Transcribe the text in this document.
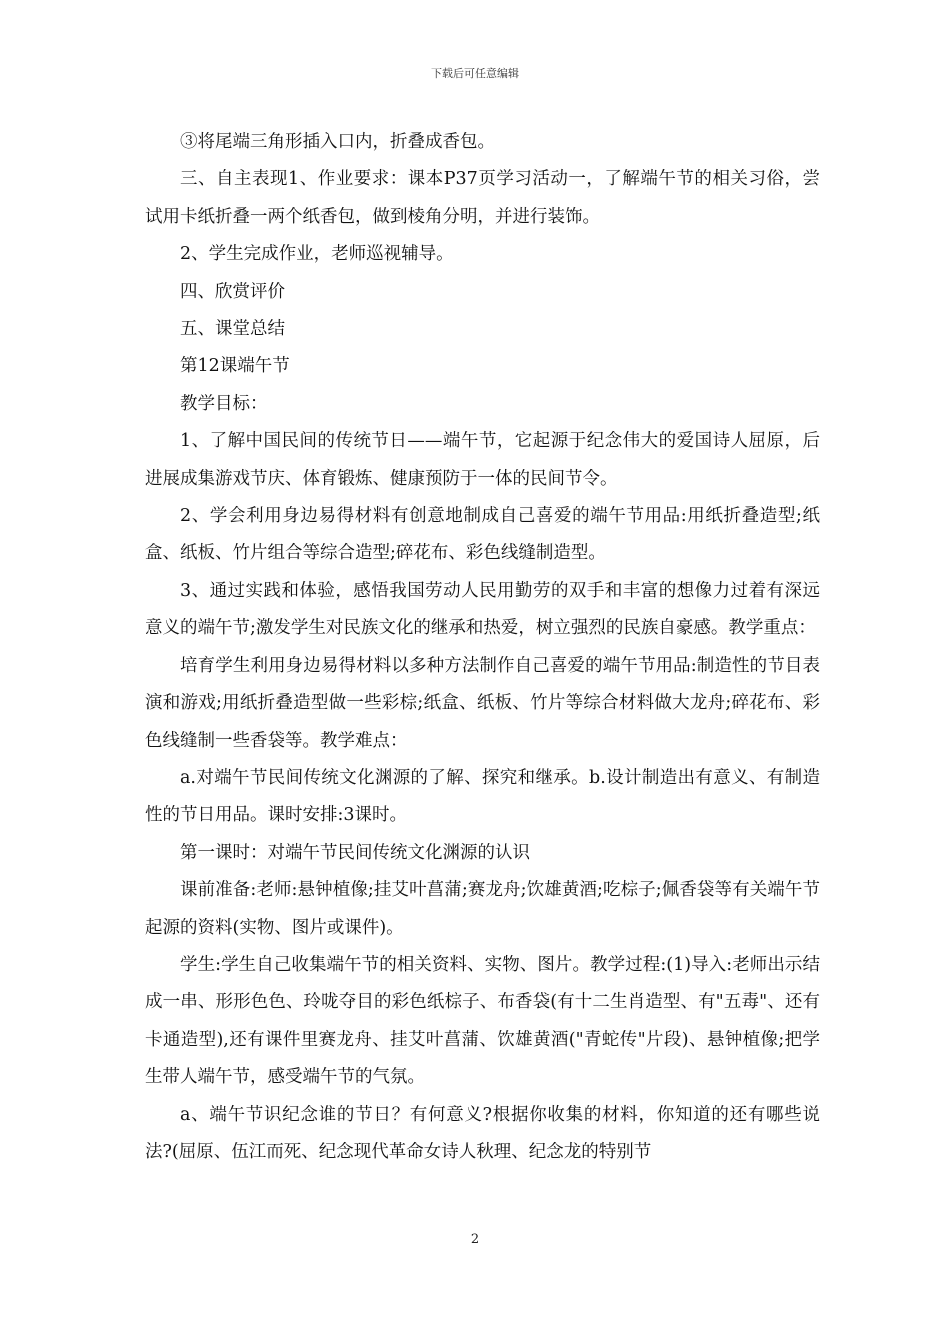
下载后可任意编辑

③将尾端三角形插入口内，折叠成香包。

三、自主表现1、作业要求：课本P37页学习活动一，了解端午节的相关习俗，尝试用卡纸折叠一两个纸香包，做到棱角分明，并进行装饰。

2、学生完成作业，老师巡视辅导。

四、欣赏评价

五、课堂总结

第12课端午节

教学目标：

1、了解中国民间的传统节日——端午节，它起源于纪念伟大的爱国诗人屈原，后进展成集游戏节庆、体育锻炼、健康预防于一体的民间节令。

2、学会利用身边易得材料有创意地制成自己喜爱的端午节用品:用纸折叠造型;纸盒、纸板、竹片组合等综合造型;碎花布、彩色线缝制造型。

3、通过实践和体验，感悟我国劳动人民用勤劳的双手和丰富的想像力过着有深远意义的端午节;激发学生对民族文化的继承和热爱，树立强烈的民族自豪感。教学重点：

培育学生利用身边易得材料以多种方法制作自己喜爱的端午节用品:制造性的节目表演和游戏;用纸折叠造型做一些彩棕;纸盒、纸板、竹片等综合材料做大龙舟;碎花布、彩色线缝制一些香袋等。教学难点：

a.对端午节民间传统文化渊源的了解、探究和继承。b.设计制造出有意义、有制造性的节日用品。课时安排:3课时。

第一课时：对端午节民间传统文化渊源的认识

课前准备:老师:悬钟植像;挂艾叶菖蒲;赛龙舟;饮雄黄酒;吃棕子;佩香袋等有关端午节起源的资料(实物、图片或课件)。

学生:学生自己收集端午节的相关资料、实物、图片。教学过程:(1)导入:老师出示结成一串、形形色色、玲咙夺目的彩色纸棕子、布香袋(有十二生肖造型、有"五毒"、还有卡通造型),还有课件里赛龙舟、挂艾叶菖蒲、饮雄黄酒("青蛇传"片段)、悬钟植像;把学生带人端午节，感受端午节的气氛。

a、端午节识纪念谁的节日？有何意义?根据你收集的材料，你知道的还有哪些说法?(屈原、伍江而死、纪念现代革命女诗人秋理、纪念龙的特别节

2
